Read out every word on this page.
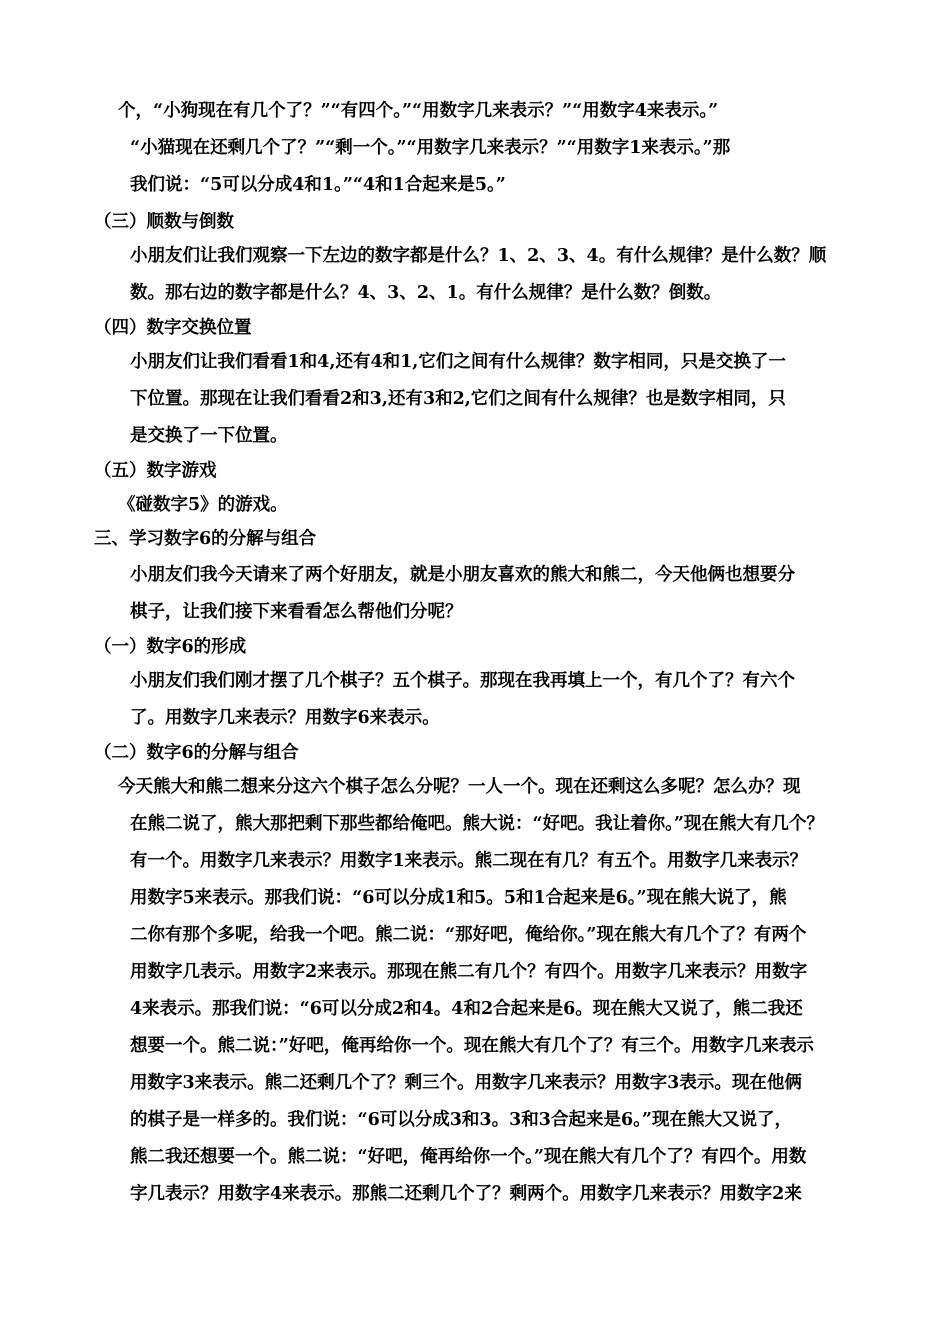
个，“小狗现在有几个了？”“有四个。”“用数字几来表示？”“用数字4来表示。”
“小猫现在还剩几个了？”“剩一个。”“用数字几来表示？”“用数字1来表示。”那
我们说：“5可以分成4和1。”“4和1合起来是5。”
（三）顺数与倒数
小朋友们让我们观察一下左边的数字都是什么？1、2、3、4。有什么规律？是什么数？顺
数。那右边的数字都是什么？4、3、2、1。有什么规律？是什么数？倒数。
（四）数字交换位置
小朋友们让我们看看1和4,还有4和1,它们之间有什么规律？数字相同，只是交换了一
下位置。那现在让我们看看2和3,还有3和2,它们之间有什么规律？也是数字相同，只
是交换了一下位置。
（五）数字游戏
《碰数字5》的游戏。
三、学习数字6的分解与组合
小朋友们我今天请来了两个好朋友，就是小朋友喜欢的熊大和熊二，今天他俩也想要分
棋子，让我们接下来看看怎么帮他们分呢？
（一）数字6的形成
小朋友们我们刚才摆了几个棋子？五个棋子。那现在我再填上一个，有几个了？有六个
了。用数字几来表示？用数字6来表示。
（二）数字6的分解与组合
今天熊大和熊二想来分这六个棋子怎么分呢？一人一个。现在还剩这么多呢？怎么办？现
在熊二说了，熊大那把剩下那些都给俺吧。熊大说：“好吧。我让着你。”现在熊大有几个？
有一个。用数字几来表示？用数字1来表示。熊二现在有几？有五个。用数字几来表示？
用数字5来表示。那我们说：“6可以分成1和5。5和1合起来是6。”现在熊大说了，熊
二你有那个多呢，给我一个吧。熊二说：“那好吧，俺给你。”现在熊大有几个了？有两个
用数字几表示。用数字2来表示。那现在熊二有几个？有四个。用数字几来表示？用数字
4来表示。那我们说：“6可以分成2和4。4和2合起来是6。现在熊大又说了，熊二我还
想要一个。熊二说：”好吧，俺再给你一个。现在熊大有几个了？有三个。用数字几来表示
用数字3来表示。熊二还剩几个了？剩三个。用数字几来表示？用数字3表示。现在他俩
的棋子是一样多的。我们说：“6可以分成3和3。3和3合起来是6。”现在熊大又说了，
熊二我还想要一个。熊二说：“好吧，俺再给你一个。”现在熊大有几个了？有四个。用数
字几表示？用数字4来表示。那熊二还剩几个了？剩两个。用数字几来表示？用数字2来
